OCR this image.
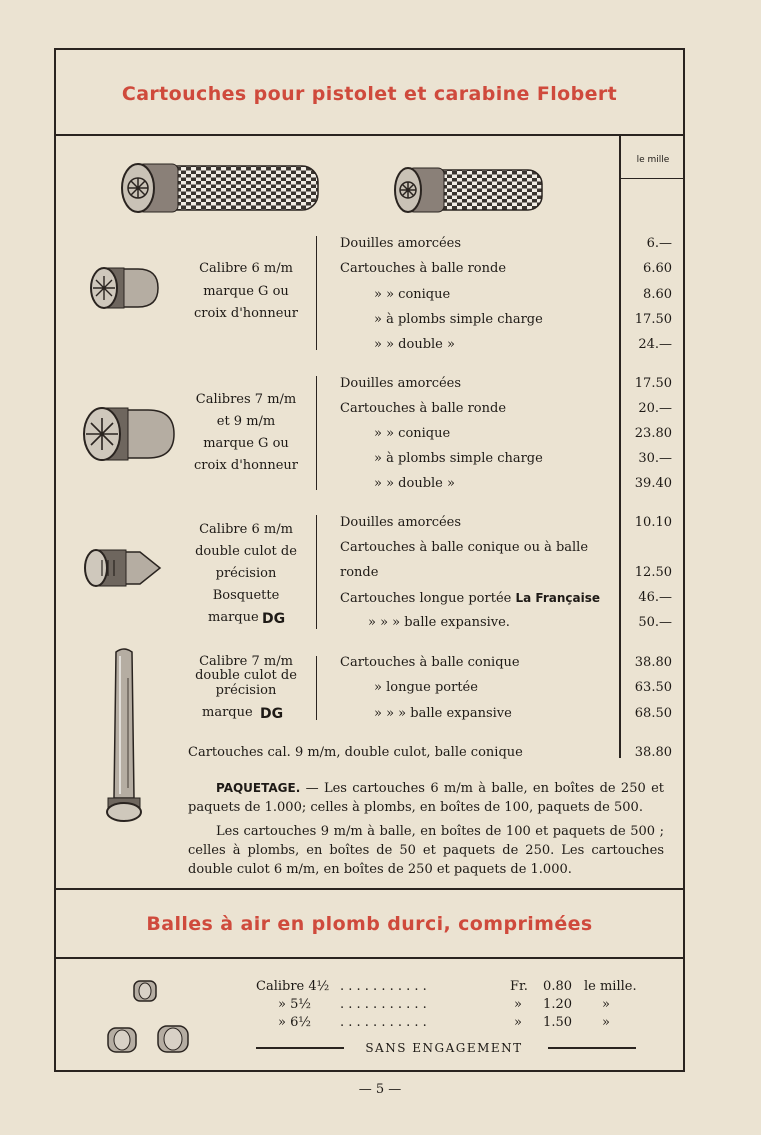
Cartouches pour pistolet et carabine Flobert
le mille
Calibre 6 m/m
marque G ou
croix d'honneur
Douilles amorcées	6.—
Cartouches à balle ronde	6.60
» » conique	8.60
» à plombs simple charge	17.50
» » double »	24.—
Calibres 7 m/m
et 9 m/m
marque G ou
croix d'honneur
Douilles amorcées	17.50
Cartouches à balle ronde	20.—
» » conique	23.80
» à plombs simple charge	30.—
» » double »	39.40
Calibre 6 m/m
double culot de
précision
Bosquette
marque DG
Douilles amorcées	10.10
Cartouches à balle conique ou à balle
ronde	12.50
Cartouches longue portée La Française	46.—
» » » balle expansive.	50.—
Calibre 7 m/m
double culot de
précision
marque DG
Cartouches à balle conique	38.80
» longue portée	63.50
» » » balle expansive	68.50
Cartouches cal. 9 m/m, double culot, balle conique	38.80
PAQUETAGE. — Les cartouches 6 m/m à balle, en boîtes de 250 et paquets de 1.000; celles à plombs, en boîtes de 100, paquets de 500.
Les cartouches 9 m/m à balle, en boîtes de 100 et paquets de 500 ; celles à plombs, en boîtes de 50 et paquets de 250. Les cartouches double culot 6 m/m, en boîtes de 250 et paquets de 1.000.
Balles à air en plomb durci, comprimées
Calibre 4½ . . . . . . . . . . .	Fr.	0.80 le mille.
» 5½ . . . . . . . . . . .	»	1.20 »
» 6½ . . . . . . . . . . .	»	1.50 »
SANS ENGAGEMENT
— 5 —
